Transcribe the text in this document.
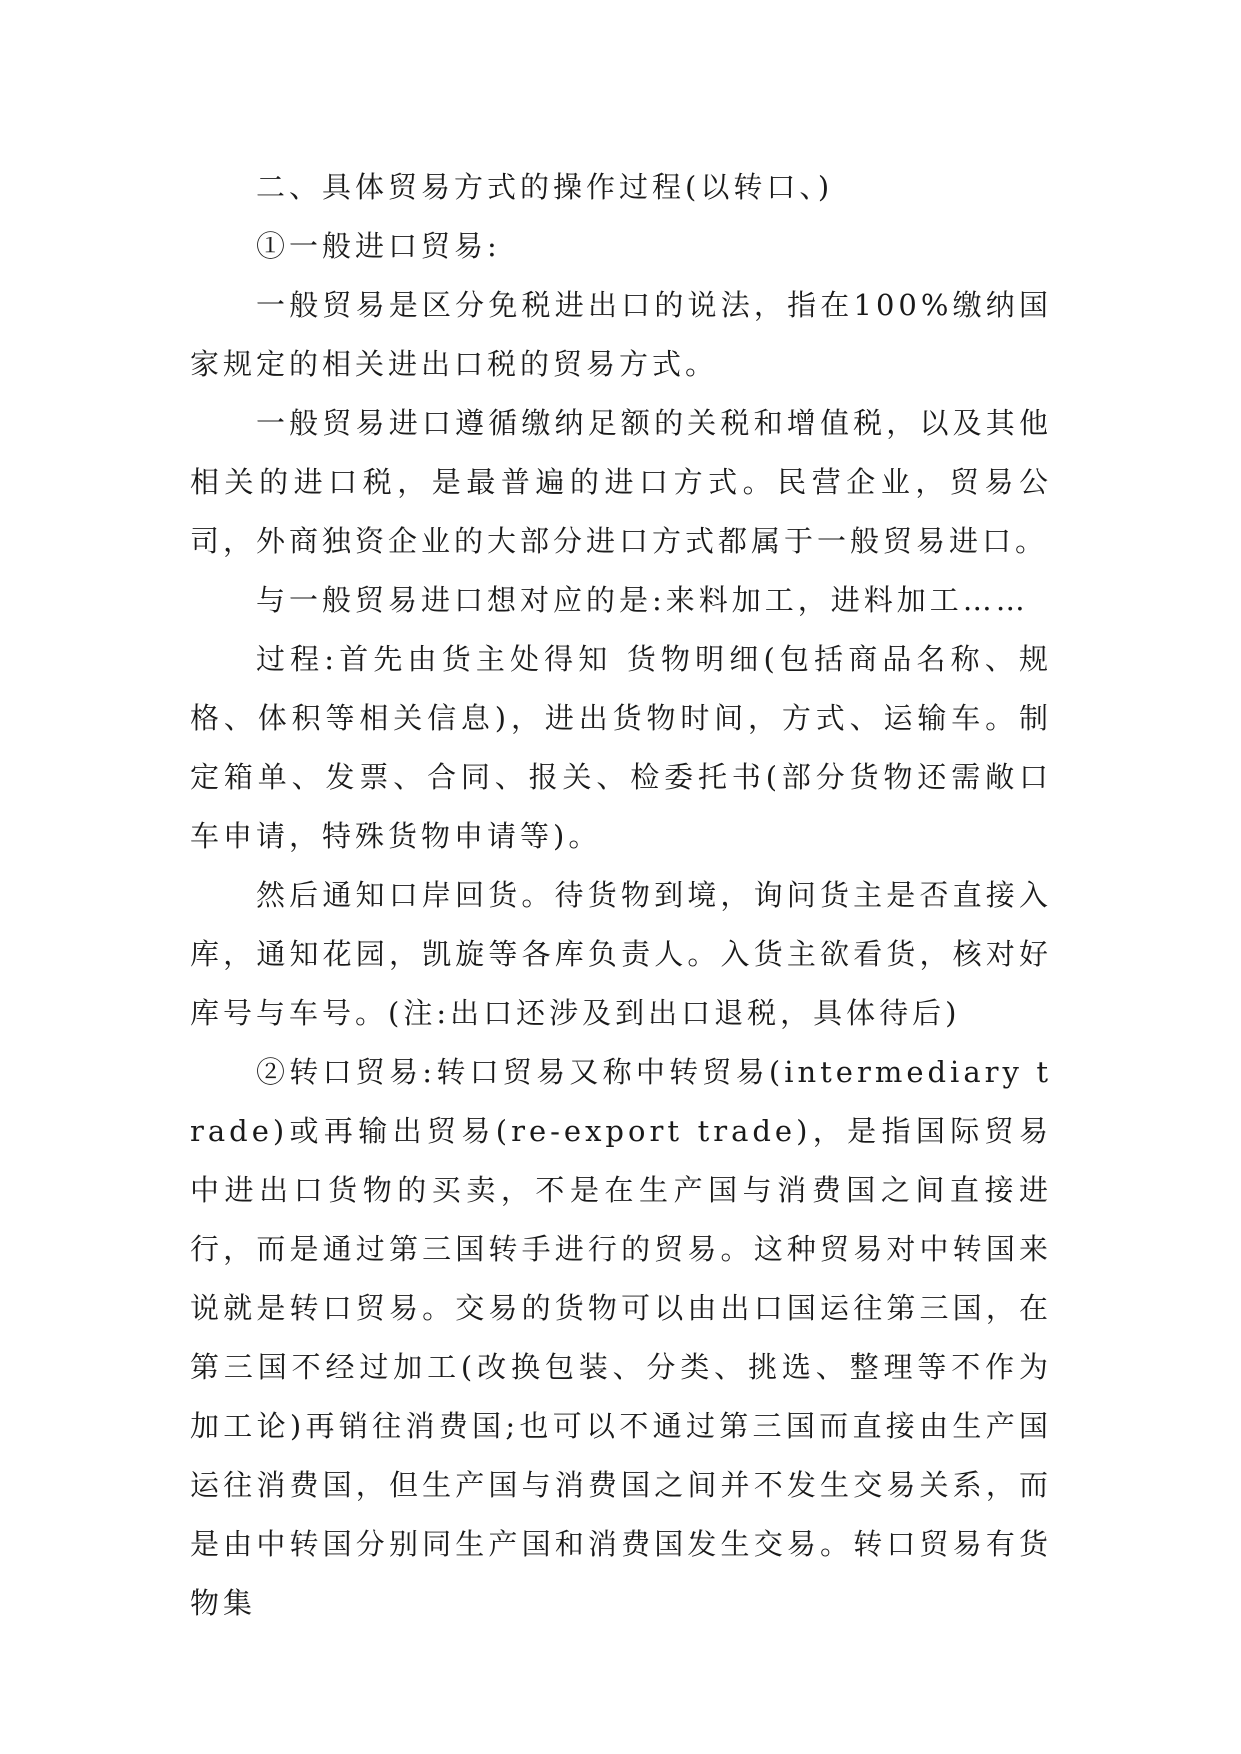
二、具体贸易方式的操作过程(以转口、)

①一般进口贸易:

一般贸易是区分免税进出口的说法，指在100%缴纳国家规定的相关进出口税的贸易方式。

一般贸易进口遵循缴纳足额的关税和增值税，以及其他相关的进口税，是最普遍的进口方式。民营企业，贸易公司，外商独资企业的大部分进口方式都属于一般贸易进口。

与一般贸易进口想对应的是:来料加工，进料加工……

过程:首先由货主处得知 货物明细(包括商品名称、规格、体积等相关信息)，进出货物时间，方式、运输车。制定箱单、发票、合同、报关、检委托书(部分货物还需敞口车申请，特殊货物申请等)。

然后通知口岸回货。待货物到境，询问货主是否直接入库，通知花园，凯旋等各库负责人。入货主欲看货，核对好库号与车号。(注:出口还涉及到出口退税，具体待后)

②转口贸易:转口贸易又称中转贸易(intermediary trade)或再输出贸易(re-export trade)，是指国际贸易中进出口货物的买卖，不是在生产国与消费国之间直接进行，而是通过第三国转手进行的贸易。这种贸易对中转国来说就是转口贸易。交易的货物可以由出口国运往第三国，在第三国不经过加工(改换包装、分类、挑选、整理等不作为加工论)再销往消费国;也可以不通过第三国而直接由生产国运往消费国，但生产国与消费国之间并不发生交易关系，而是由中转国分别同生产国和消费国发生交易。转口贸易有货物集
